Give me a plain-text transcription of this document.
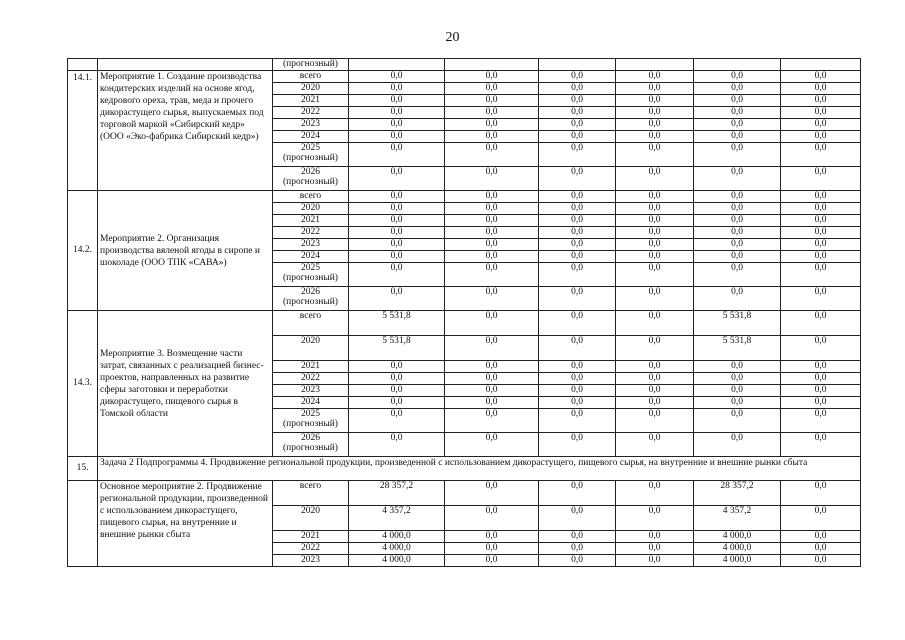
20
		(прогнозный)						
14.1.	Мероприятие 1. Создание производства кондитерских изделий на основе ягод, кедрового ореха, трав, меда и прочего дикорастущего сырья, выпускаемых под торговой маркой «Сибирский кедр» (ООО «Эко-фабрика Сибирский кедр»)	всего	0,0	0,0	0,0	0,0	0,0	0,0
		2020	0,0	0,0	0,0	0,0	0,0	0,0
		2021	0,0	0,0	0,0	0,0	0,0	0,0
		2022	0,0	0,0	0,0	0,0	0,0	0,0
		2023	0,0	0,0	0,0	0,0	0,0	0,0
		2024	0,0	0,0	0,0	0,0	0,0	0,0
		2025
(прогнозный)	0,0	0,0	0,0	0,0	0,0	0,0
		2026
(прогнозный)	0,0	0,0	0,0	0,0	0,0	0,0
14.2.	Мероприятие 2. Организация производства вяленой ягоды в сиропе и шоколаде (ООО ТПК «САВА»)	всего	0,0	0,0	0,0	0,0	0,0	0,0
		2020	0,0	0,0	0,0	0,0	0,0	0,0
		2021	0,0	0,0	0,0	0,0	0,0	0,0
		2022	0,0	0,0	0,0	0,0	0,0	0,0
		2023	0,0	0,0	0,0	0,0	0,0	0,0
		2024	0,0	0,0	0,0	0,0	0,0	0,0
		2025
(прогнозный)	0,0	0,0	0,0	0,0	0,0	0,0
		2026
(прогнозный)	0,0	0,0	0,0	0,0	0,0	0,0
14.3.	Мероприятие 3. Возмещение части затрат, связанных с реализацией бизнес-проектов, направленных на развитие сферы заготовки и переработки дикорастущего, пищевого сырья в Томской области	всего	5 531,8	0,0	0,0	0,0	5 531,8	0,0
		2020	5 531,8	0,0	0,0	0,0	5 531,8	0,0
		2021	0,0	0,0	0,0	0,0	0,0	0,0
		2022	0,0	0,0	0,0	0,0	0,0	0,0
		2023	0,0	0,0	0,0	0,0	0,0	0,0
		2024	0,0	0,0	0,0	0,0	0,0	0,0
		2025
(прогнозный)	0,0	0,0	0,0	0,0	0,0	0,0
		2026
(прогнозный)	0,0	0,0	0,0	0,0	0,0	0,0
15.	Задача 2 Подпрограммы 4. Продвижение региональной продукции, произведенной с использованием дикорастущего, пищевого сырья, на внутренние и внешние рынки сбыта							
	Основное мероприятие 2. Продвижение региональной продукции, произведенной с использованием дикорастущего, пищевого сырья, на внутренние и внешние рынки сбыта	всего	28 357,2	0,0	0,0	0,0	28 357,2	0,0
		2020	4 357,2	0,0	0,0	0,0	4 357,2	0,0
		2021	4 000,0	0,0	0,0	0,0	4 000,0	0,0
		2022	4 000,0	0,0	0,0	0,0	4 000,0	0,0
		2023	4 000,0	0,0	0,0	0,0	4 000,0	0,0
